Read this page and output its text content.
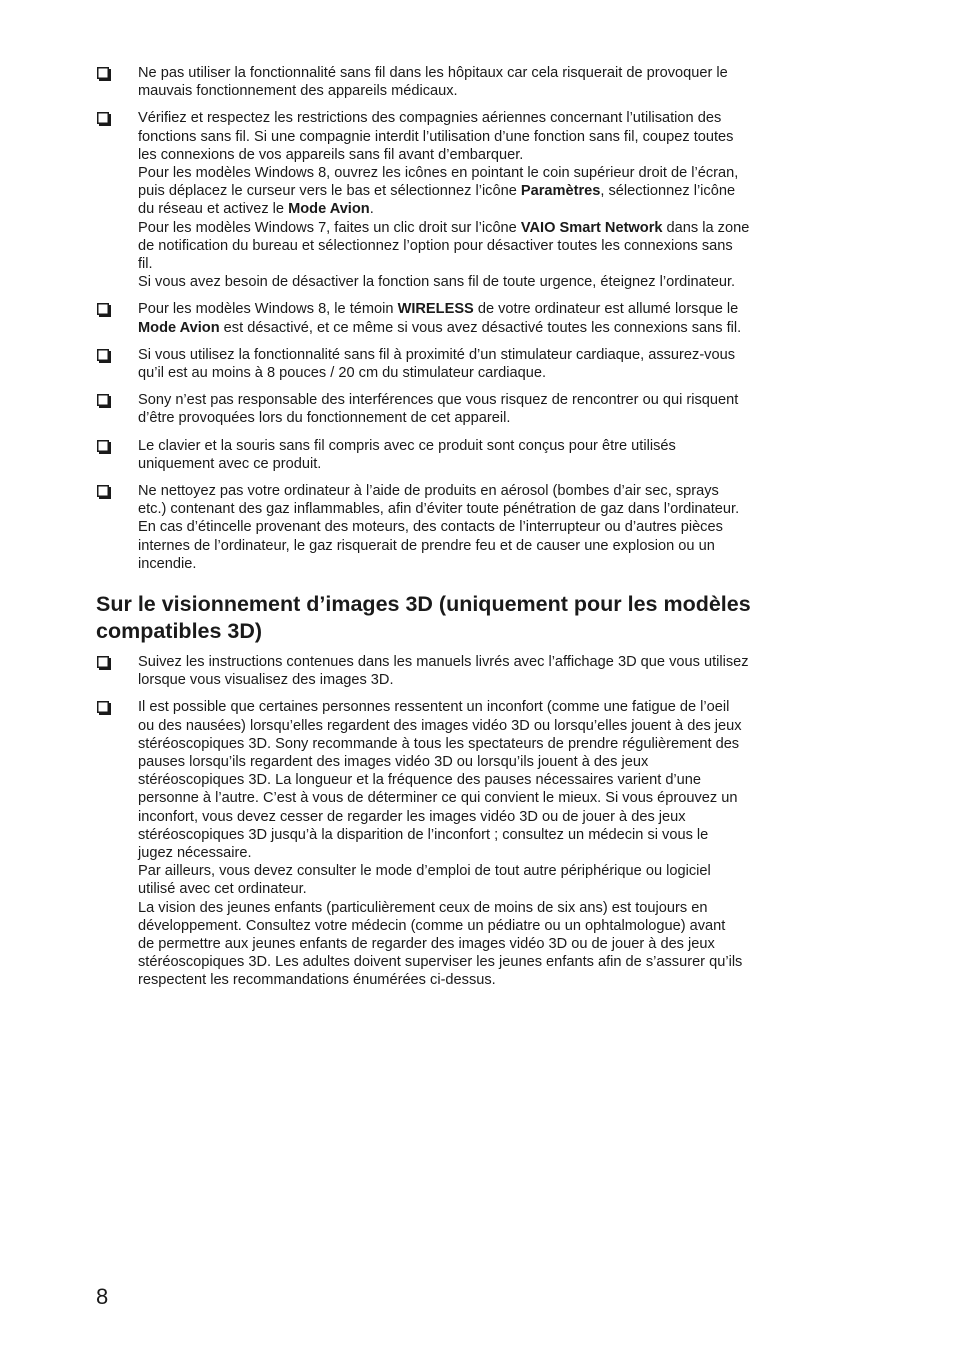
Ne pas utiliser la fonctionnalité sans fil dans les hôpitaux car cela risquerait de provoquer le
mauvais fonctionnement des appareils médicaux.
Vérifiez et respectez les restrictions des compagnies aériennes concernant l’utilisation des
fonctions sans fil. Si une compagnie interdit l’utilisation d’une fonction sans fil, coupez toutes
les connexions de vos appareils sans fil avant d’embarquer.
Pour les modèles Windows 8, ouvrez les icônes en pointant le coin supérieur droit de l’écran,
puis déplacez le curseur vers le bas et sélectionnez l’icône Paramètres, sélectionnez l’icône
du réseau et activez le Mode Avion.
Pour les modèles Windows 7, faites un clic droit sur l’icône VAIO Smart Network dans la zone
de notification du bureau et sélectionnez l’option pour désactiver toutes les connexions sans
fil.
Si vous avez besoin de désactiver la fonction sans fil de toute urgence, éteignez l’ordinateur.
Pour les modèles Windows 8, le témoin WIRELESS de votre ordinateur est allumé lorsque le
Mode Avion est désactivé, et ce même si vous avez désactivé toutes les connexions sans fil.
Si vous utilisez la fonctionnalité sans fil à proximité d’un stimulateur cardiaque, assurez-vous
qu’il est au moins à 8 pouces / 20 cm du stimulateur cardiaque.
Sony n’est pas responsable des interférences que vous risquez de rencontrer ou qui risquent
d’être provoquées lors du fonctionnement de cet appareil.
Le clavier et la souris sans fil compris avec ce produit sont conçus pour être utilisés
uniquement avec ce produit.
Ne nettoyez pas votre ordinateur à l’aide de produits en aérosol (bombes d’air sec, sprays
etc.) contenant des gaz inflammables, afin d’éviter toute pénétration de gaz dans l’ordinateur.
En cas d’étincelle provenant des moteurs, des contacts de l’interrupteur ou d’autres pièces
internes de l’ordinateur, le gaz risquerait de prendre feu et de causer une explosion ou un
incendie.
Sur le visionnement d’images 3D (uniquement pour les modèles compatibles 3D)
Suivez les instructions contenues dans les manuels livrés avec l’affichage 3D que vous utilisez
lorsque vous visualisez des images 3D.
Il est possible que certaines personnes ressentent un inconfort (comme une fatigue de l’oeil
ou des nausées) lorsqu’elles regardent des images vidéo 3D ou lorsqu’elles jouent à des jeux
stéréoscopiques 3D. Sony recommande à tous les spectateurs de prendre régulièrement des
pauses lorsqu’ils regardent des images vidéo 3D ou lorsqu’ils jouent à des jeux
stéréoscopiques 3D. La longueur et la fréquence des pauses nécessaires varient d’une
personne à l’autre. C’est à vous de déterminer ce qui convient le mieux. Si vous éprouvez un
inconfort, vous devez cesser de regarder les images vidéo 3D ou de jouer à des jeux
stéréoscopiques 3D jusqu’à la disparition de l’inconfort ; consultez un médecin si vous le
jugez nécessaire.
Par ailleurs, vous devez consulter le mode d’emploi de tout autre périphérique ou logiciel
utilisé avec cet ordinateur.
La vision des jeunes enfants (particulièrement ceux de moins de six ans) est toujours en
développement. Consultez votre médecin (comme un pédiatre ou un ophtalmologue) avant
de permettre aux jeunes enfants de regarder des images vidéo 3D ou de jouer à des jeux
stéréoscopiques 3D. Les adultes doivent superviser les jeunes enfants afin de s’assurer qu’ils
respectent les recommandations énumérées ci-dessus.
8
